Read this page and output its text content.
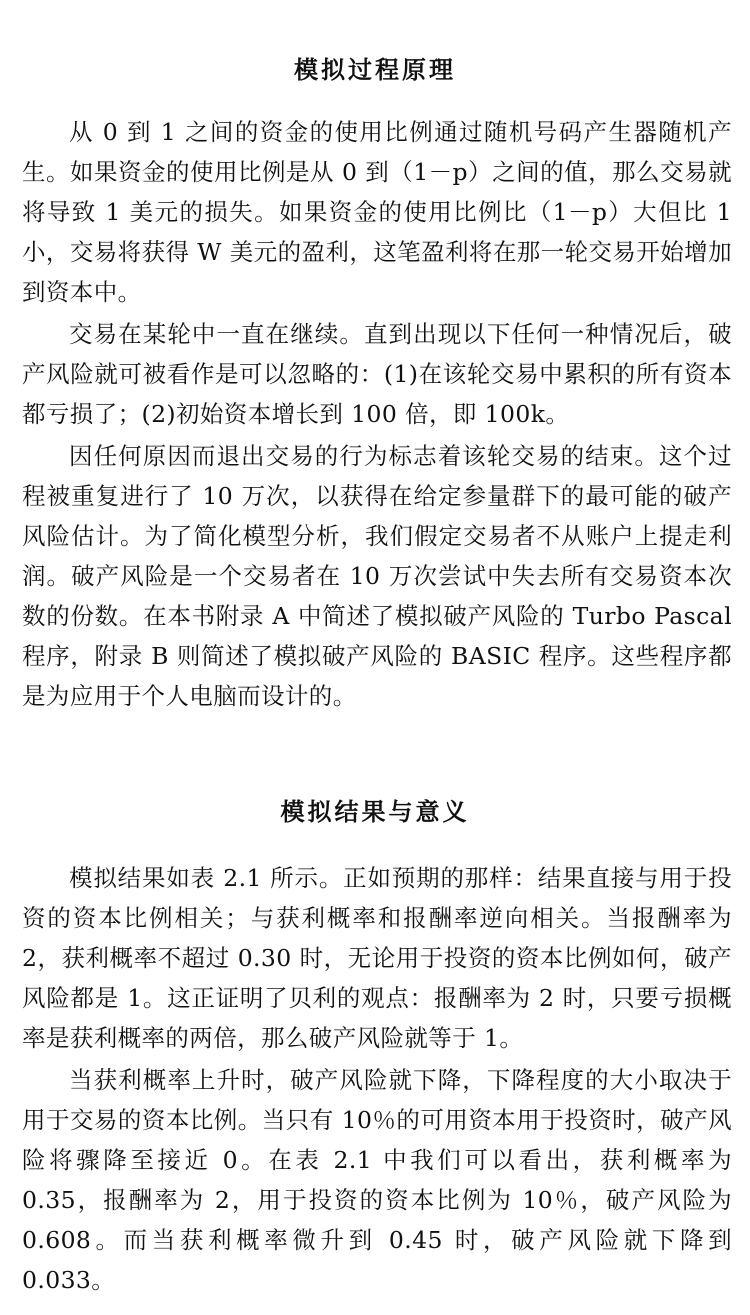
模拟过程原理

从 0 到 1 之间的资金的使用比例通过随机号码产生器随机产生。如果资金的使用比例是从 0 到（1－p）之间的值，那么交易就将导致 1 美元的损失。如果资金的使用比例比（1－p）大但比 1 小，交易将获得 W 美元的盈利，这笔盈利将在那一轮交易开始增加到资本中。

交易在某轮中一直在继续。直到出现以下任何一种情况后，破产风险就可被看作是可以忽略的：(1)在该轮交易中累积的所有资本都亏损了；(2)初始资本增长到 100 倍，即 100k。

因任何原因而退出交易的行为标志着该轮交易的结束。这个过程被重复进行了 10 万次，以获得在给定参量群下的最可能的破产风险估计。为了简化模型分析，我们假定交易者不从账户上提走利润。破产风险是一个交易者在 10 万次尝试中失去所有交易资本次数的份数。在本书附录 A 中简述了模拟破产风险的 Turbo Pascal 程序，附录 B 则简述了模拟破产风险的 BASIC 程序。这些程序都是为应用于个人电脑而设计的。

模拟结果与意义

模拟结果如表 2.1 所示。正如预期的那样：结果直接与用于投资的资本比例相关；与获利概率和报酬率逆向相关。当报酬率为 2，获利概率不超过 0.30 时，无论用于投资的资本比例如何，破产风险都是 1。这正证明了贝利的观点：报酬率为 2 时，只要亏损概率是获利概率的两倍，那么破产风险就等于 1。

当获利概率上升时，破产风险就下降，下降程度的大小取决于用于交易的资本比例。当只有 10％的可用资本用于投资时，破产风险将骤降至接近 0。在表 2.1 中我们可以看出，获利概率为 0.35，报酬率为 2，用于投资的资本比例为 10％，破产风险为 0.608。而当获利概率微升到 0.45 时，破产风险就下降到 0.033。
